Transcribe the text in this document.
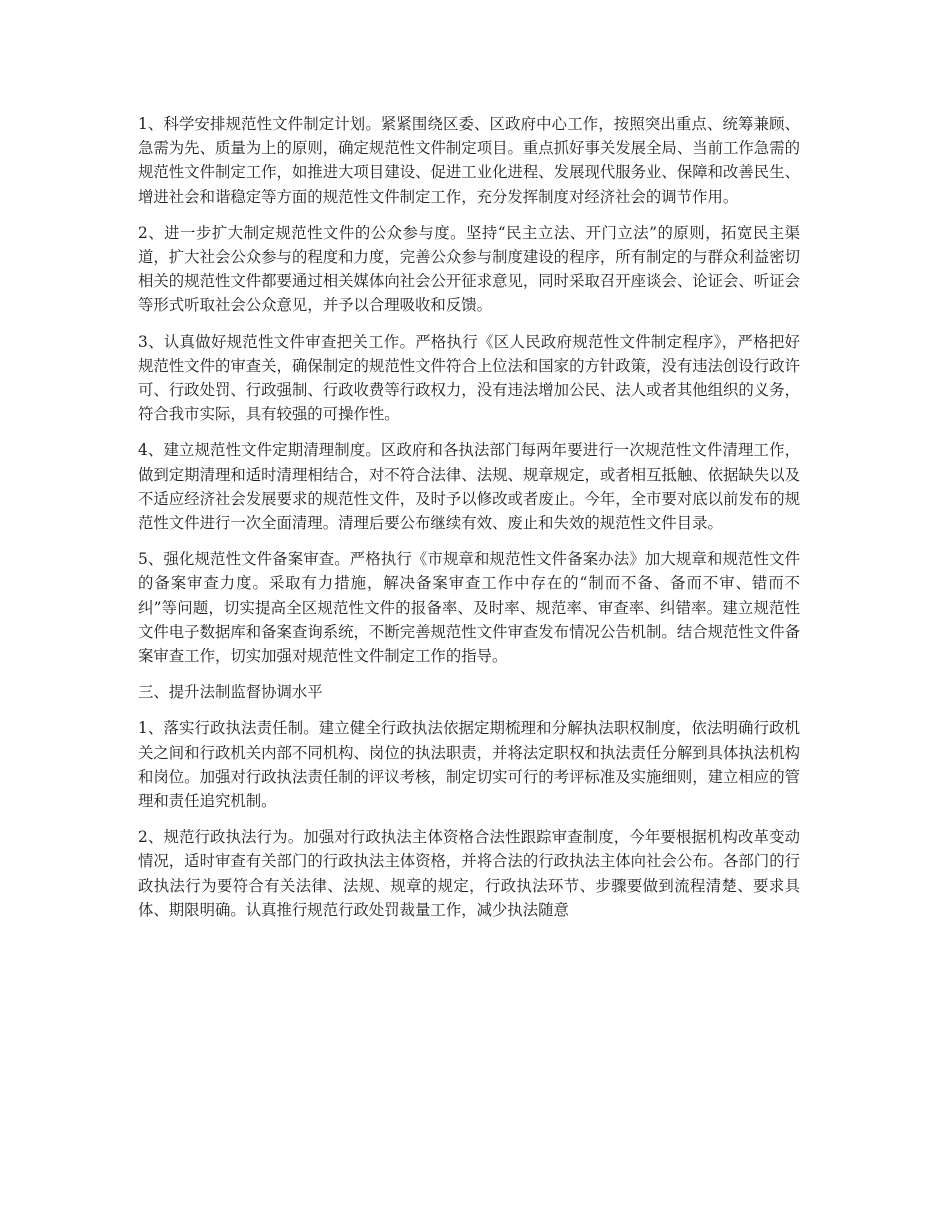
1、科学安排规范性文件制定计划。紧紧围绕区委、区政府中心工作，按照突出重点、统筹兼顾、急需为先、质量为上的原则，确定规范性文件制定项目。重点抓好事关发展全局、当前工作急需的规范性文件制定工作，如推进大项目建设、促进工业化进程、发展现代服务业、保障和改善民生、增进社会和谐稳定等方面的规范性文件制定工作，充分发挥制度对经济社会的调节作用。

2、进一步扩大制定规范性文件的公众参与度。坚持“民主立法、开门立法”的原则，拓宽民主渠道，扩大社会公众参与的程度和力度，完善公众参与制度建设的程序，所有制定的与群众利益密切相关的规范性文件都要通过相关媒体向社会公开征求意见，同时采取召开座谈会、论证会、听证会等形式听取社会公众意见，并予以合理吸收和反馈。

3、认真做好规范性文件审查把关工作。严格执行《区人民政府规范性文件制定程序》，严格把好规范性文件的审查关，确保制定的规范性文件符合上位法和国家的方针政策，没有违法创设行政许可、行政处罚、行政强制、行政收费等行政权力，没有违法增加公民、法人或者其他组织的义务，符合我市实际，具有较强的可操作性。

4、建立规范性文件定期清理制度。区政府和各执法部门每两年要进行一次规范性文件清理工作，做到定期清理和适时清理相结合，对不符合法律、法规、规章规定，或者相互抵触、依据缺失以及不适应经济社会发展要求的规范性文件，及时予以修改或者废止。今年，全市要对底以前发布的规范性文件进行一次全面清理。清理后要公布继续有效、废止和失效的规范性文件目录。

5、强化规范性文件备案审查。严格执行《市规章和规范性文件备案办法》加大规章和规范性文件的备案审查力度。采取有力措施，解决备案审查工作中存在的“制而不备、备而不审、错而不纠”等问题，切实提高全区规范性文件的报备率、及时率、规范率、审查率、纠错率。建立规范性文件电子数据库和备案查询系统，不断完善规范性文件审查发布情况公告机制。结合规范性文件备案审查工作，切实加强对规范性文件制定工作的指导。

三、提升法制监督协调水平

1、落实行政执法责任制。建立健全行政执法依据定期梳理和分解执法职权制度，依法明确行政机关之间和行政机关内部不同机构、岗位的执法职责，并将法定职权和执法责任分解到具体执法机构和岗位。加强对行政执法责任制的评议考核，制定切实可行的考评标准及实施细则，建立相应的管理和责任追究机制。

2、规范行政执法行为。加强对行政执法主体资格合法性跟踪审查制度，今年要根据机构改革变动情况，适时审查有关部门的行政执法主体资格，并将合法的行政执法主体向社会公布。各部门的行政执法行为要符合有关法律、法规、规章的规定，行政执法环节、步骤要做到流程清楚、要求具体、期限明确。认真推行规范行政处罚裁量工作，减少执法随意
